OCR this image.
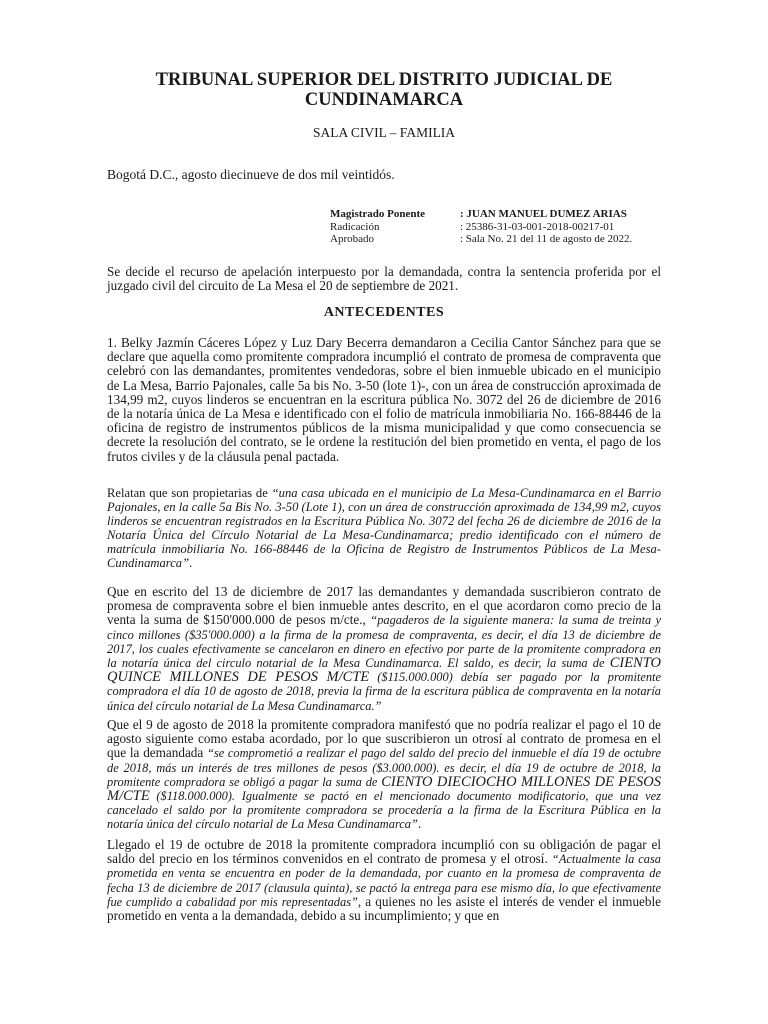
TRIBUNAL SUPERIOR DEL DISTRITO JUDICIAL DE CUNDINAMARCA
SALA CIVIL – FAMILIA
Bogotá D.C., agosto diecinueve de dos mil veintidós.
Magistrado Ponente	: JUAN MANUEL DUMEZ ARIAS
Radicación	: 25386-31-03-001-2018-00217-01
Aprobado	: Sala No. 21 del 11 de agosto de 2022.
Se decide el recurso de apelación interpuesto por la demandada, contra la sentencia proferida por el juzgado civil del circuito de La Mesa el 20 de septiembre de 2021.
ANTECEDENTES
1. Belky Jazmín Cáceres López y Luz Dary Becerra demandaron a Cecilia Cantor Sánchez para que se declare que aquella como promitente compradora incumplió el contrato de promesa de compraventa que celebró con las demandantes, promitentes vendedoras, sobre el bien inmueble ubicado en el municipio de La Mesa, Barrio Pajonales, calle 5a bis No. 3-50 (lote 1)-, con un área de construcción aproximada de 134,99 m2, cuyos linderos se encuentran en la escritura pública No. 3072 del 26 de diciembre de 2016 de la notaría única de La Mesa e identificado con el folio de matrícula inmobiliaria No. 166-88446 de la oficina de registro de instrumentos públicos de la misma municipalidad y que como consecuencia se decrete la resolución del contrato, se le ordene la restitución del bien prometido en venta, el pago de los frutos civiles y de la cláusula penal pactada.
Relatan que son propietarias de “una casa ubicada en el municipio de La Mesa-Cundinamarca en el Barrio Pajonales, en la calle 5a Bis No. 3-50 (Lote 1), con un área de construcción aproximada de 134,99 m2, cuyos linderos se encuentran registrados en la Escritura Pública No. 3072 del fecha 26 de diciembre de 2016 de la Notaría Única del Círculo Notarial de La Mesa-Cundinamarca; predio identificado con el número de matrícula inmobiliaria No. 166-88446 de la Oficina de Registro de Instrumentos Públicos de La Mesa-Cundinamarca”.
Que en escrito del 13 de diciembre de 2017 las demandantes y demandada suscribieron contrato de promesa de compraventa sobre el bien inmueble antes descrito, en el que acordaron como precio de la venta la suma de $150'000.000 de pesos m/cte., “pagaderos de la siguiente manera: la suma de treinta y cinco millones ($35'000.000) a la firma de la promesa de compraventa, es decir, el día 13 de diciembre de 2017, los cuales efectivamente se cancelaron en dinero en efectivo por parte de la promitente compradora en la notaría única del circulo notarial de la Mesa Cundinamarca. El saldo, es decir, la suma de CIENTO QUINCE MILLONES DE PESOS M/CTE ($115.000.000) debía ser pagado por la promitente compradora el día 10 de agosto de 2018, previa la firma de la escritura pública de compraventa en la notaría única del círculo notarial de La Mesa Cundinamarca.”
Que el 9 de agosto de 2018 la promitente compradora manifestó que no podría realizar el pago el 10 de agosto siguiente como estaba acordado, por lo que suscribieron un otrosí al contrato de promesa en el que la demandada “se comprometió a realizar el pago del saldo del precio del inmueble el día 19 de octubre de 2018, más un interés de tres millones de pesos ($3.000.000). es decir, el día 19 de octubre de 2018, la promitente compradora se obligó a pagar la suma de CIENTO DIECIOCHO MILLONES DE PESOS M/CTE ($118.000.000). Igualmente se pactó en el mencionado documento modificatorio, que una vez cancelado el saldo por la promitente compradora se procedería a la firma de la Escritura Pública en la notaría única del círculo notarial de La Mesa Cundinamarca”.
Llegado el 19 de octubre de 2018 la promitente compradora incumplió con su obligación de pagar el saldo del precio en los términos convenidos en el contrato de promesa y el otrosí. “Actualmente la casa prometida en venta se encuentra en poder de la demandada, por cuanto en la promesa de compraventa de fecha 13 de diciembre de 2017 (clausula quinta), se pactó la entrega para ese mismo día, lo que efectivamente fue cumplido a cabalidad por mis representadas”, a quienes no les asiste el interés de vender el inmueble prometido en venta a la demandada, debido a su incumplimiento; y que en
